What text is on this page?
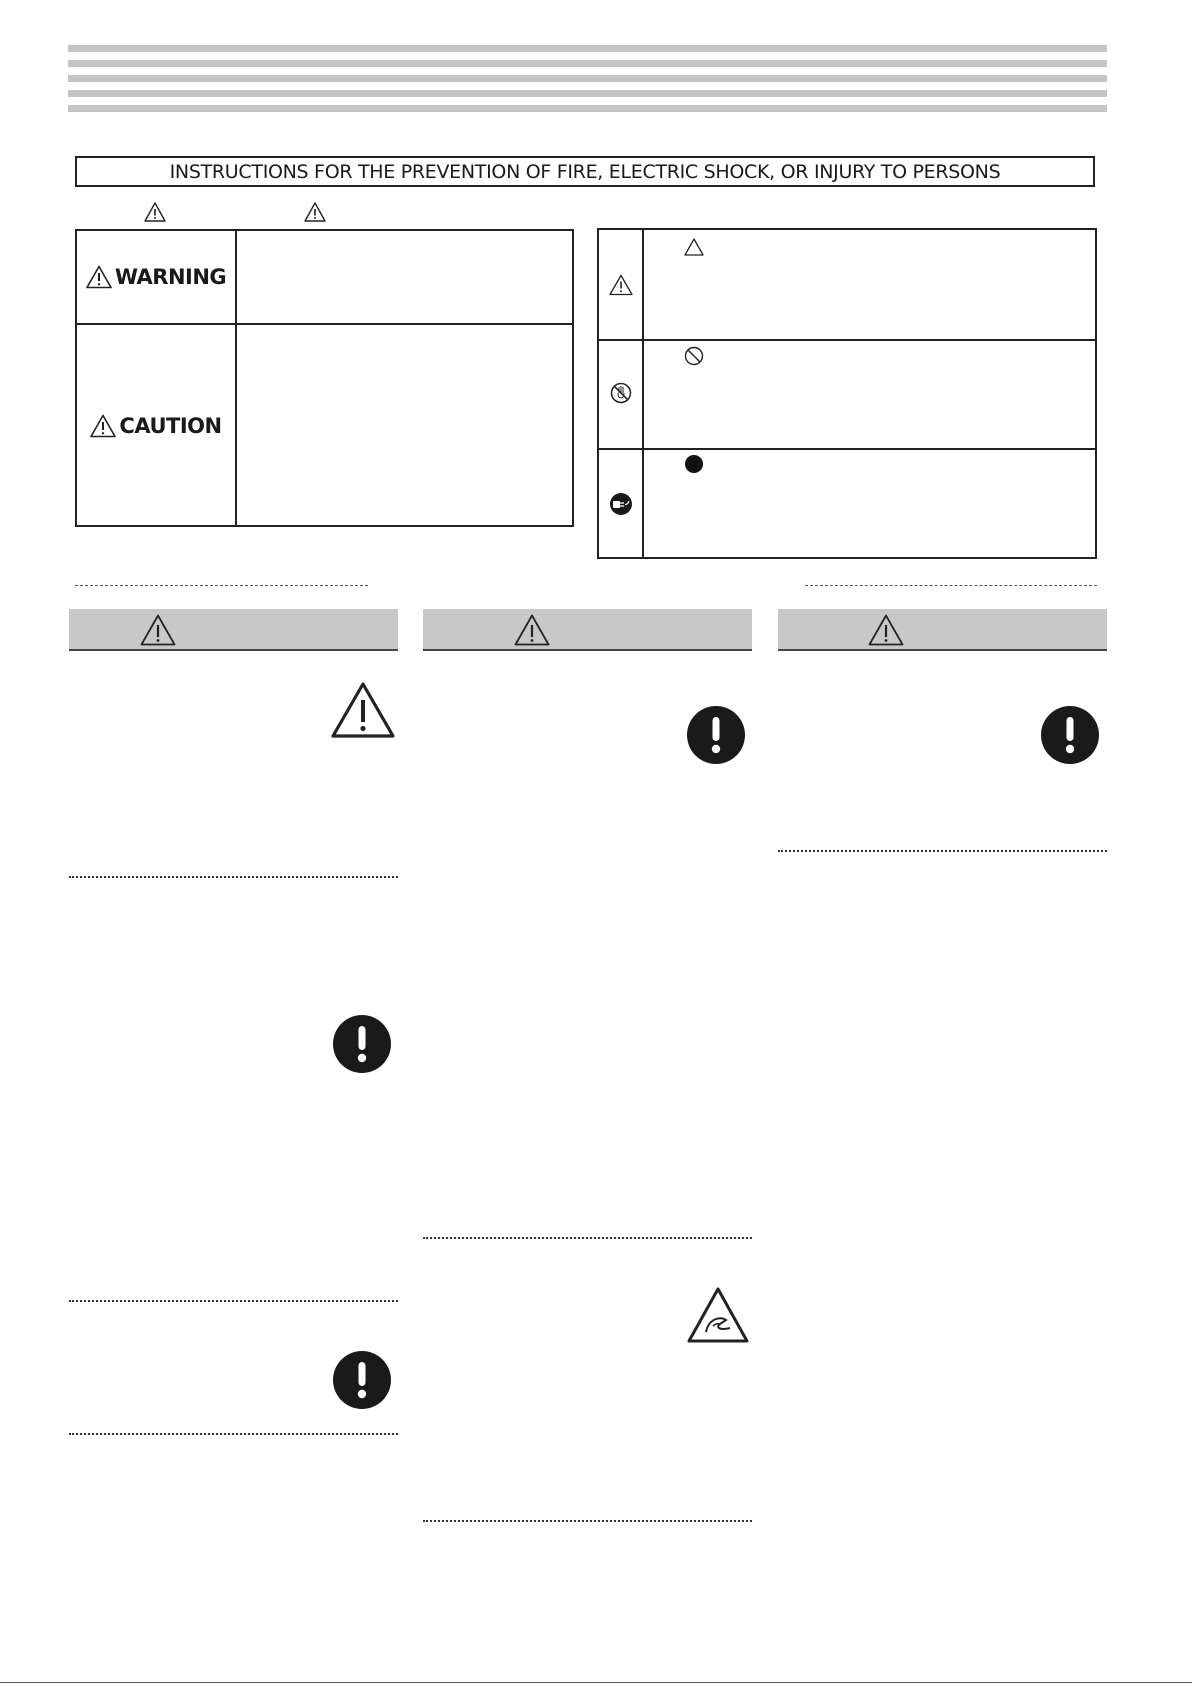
INSTRUCTIONS FOR THE PREVENTION OF FIRE, ELECTRIC SHOCK, OR INJURY TO PERSONS
WARNING
CAUTION
